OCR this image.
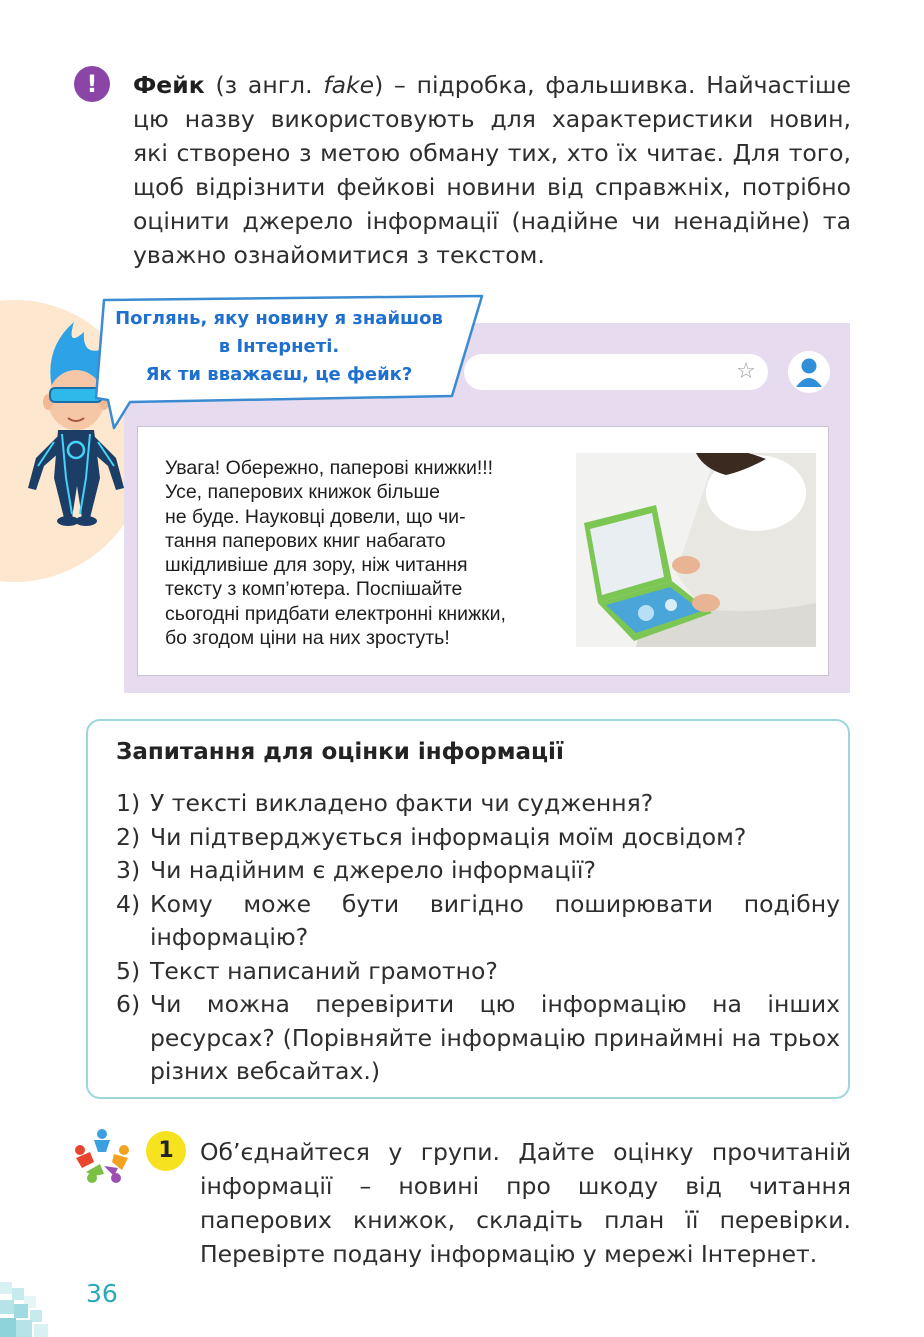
!	Фейк (з англ. fake) – підробка, фальшивка. Найчастіше цю назву використовують для характеристики новин, які створено з метою обману тих, хто їх читає. Для того, щоб відрізнити фейкові новини від справжніх, потрібно оцінити джерело інформації (надійне чи ненадійне) та уважно ознайомитися з текстом.
☆
Поглянь, яку новину я знайшов
в Інтернеті.
Як ти вважаєш, це фейк?
Увага! Обережно, паперові книжки!!!
Усе, паперових книжок більше
не буде. Науковці довели, що чи-
тання паперових книг набагато
шкідливіше для зору, ніж читання
тексту з комп’ютера. Поспішайте
сьогодні придбати електронні книжки,
бо згодом ціни на них зростуть!
Запитання для оцінки інформації
1) У тексті викладено факти чи судження?
2) Чи підтверджується інформація моїм досвідом?
3) Чи надійним є джерело інформації?
4) Кому може бути вигідно поширювати подібну інформацію?
5) Текст написаний грамотно?
6) Чи можна перевірити цю інформацію на інших ресурсах? (Порівняйте інформацію принаймні на трьох різних вебсайтах.)
1	Об’єднайтеся у групи. Дайте оцінку прочитаній інформації – новині про шкоду від читання паперових книжок, складіть план її перевірки. Перевірте подану інформацію у мережі Інтернет.
36
